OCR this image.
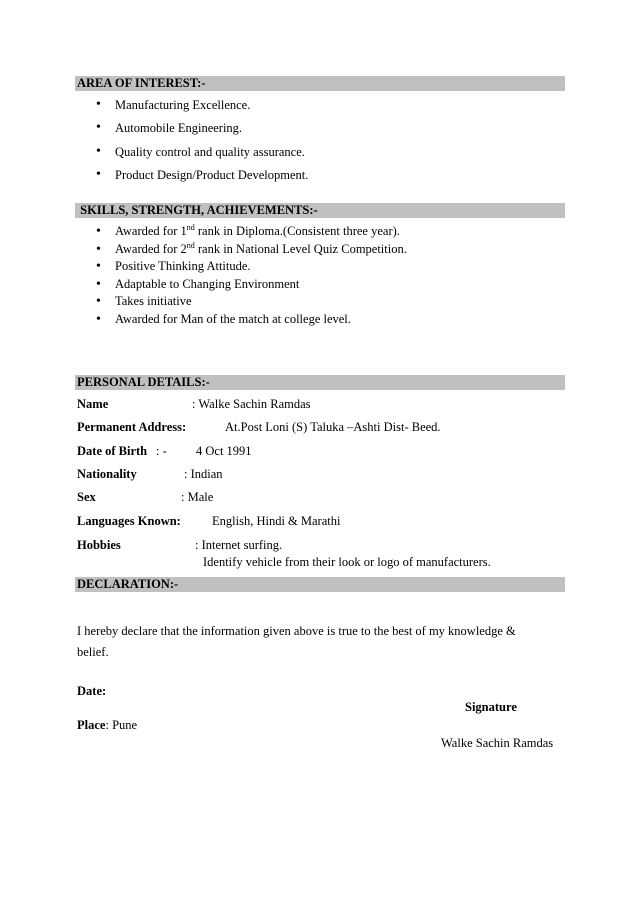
AREA OF INTEREST:-
• Manufacturing Excellence.
• Automobile Engineering.
• Quality control and quality assurance.
• Product Design/Product Development.
SKILLS, STRENGTH, ACHIEVEMENTS:-
• Awarded for 1nd rank in Diploma.(Consistent three year).
• Awarded for 2nd rank in National Level Quiz Competition.
• Positive Thinking Attitude.
• Adaptable to Changing Environment
• Takes initiative
• Awarded for Man of the match at college level.
PERSONAL DETAILS:-
Name	: Walke Sachin Ramdas
Permanent Address:	At.Post Loni (S) Taluka –Ashti Dist- Beed.
Date of Birth : - 4 Oct 1991
Nationality	: Indian
Sex	: Male
Languages Known: English, Hindi & Marathi
Hobbies	: Internet surfing.
Identify vehicle from their look or logo of manufacturers.
DECLARATION:-
I hereby declare that the information given above is true to the best of my knowledge &
belief.
Date:
Signature
Place: Pune
Walke Sachin Ramdas
